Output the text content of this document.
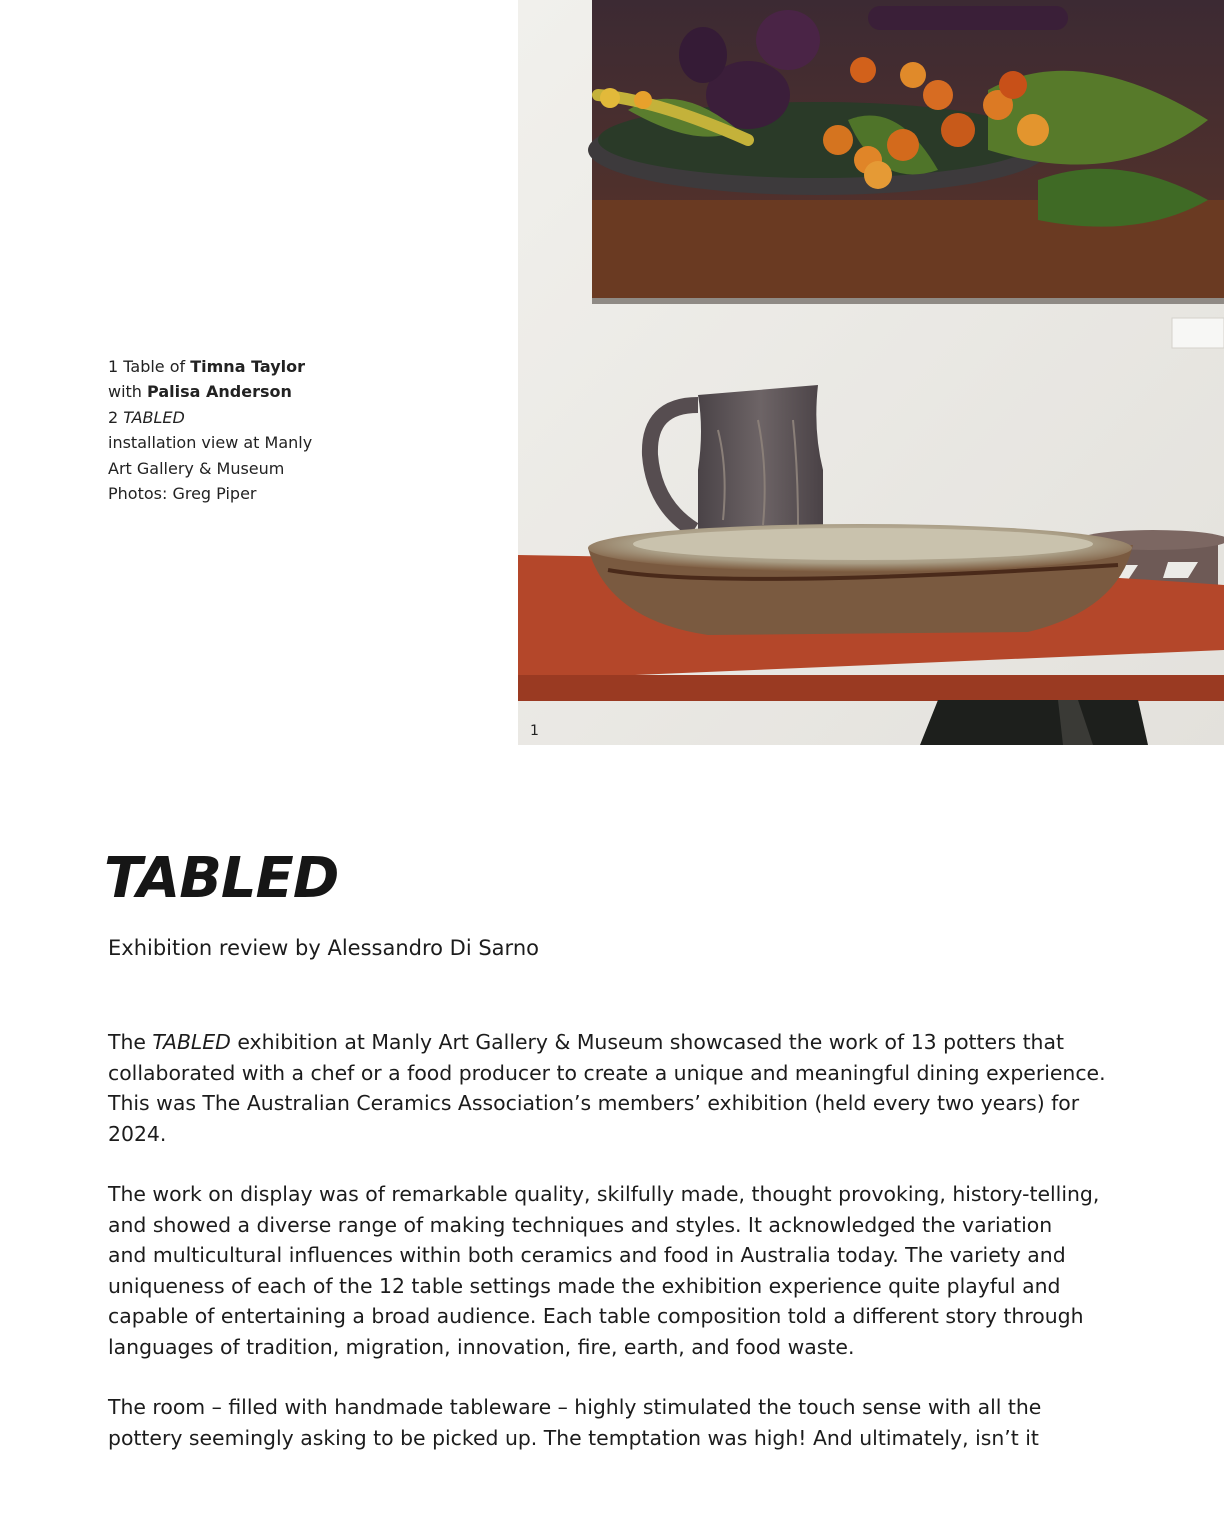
1 Table of Timna Taylor
with Palisa Anderson
2 TABLED
installation view at Manly
Art Gallery & Museum
Photos: Greg Piper
1
TABLED
Exhibition review by Alessandro Di Sarno

The TABLED exhibition at Manly Art Gallery & Museum showcased the work of 13 potters that
collaborated with a chef or a food producer to create a unique and meaningful dining experience.
This was The Australian Ceramics Association’s members’ exhibition (held every two years) for
2024.

The work on display was of remarkable quality, skilfully made, thought provoking, history-telling,
and showed a diverse range of making techniques and styles. It acknowledged the variation
and multicultural influences within both ceramics and food in Australia today. The variety and
uniqueness of each of the 12 table settings made the exhibition experience quite playful and
capable of entertaining a broad audience. Each table composition told a different story through
languages of tradition, migration, innovation, fire, earth, and food waste.

The room – filled with handmade tableware – highly stimulated the touch sense with all the
pottery seemingly asking to be picked up. The temptation was high! And ultimately, isn’t it
